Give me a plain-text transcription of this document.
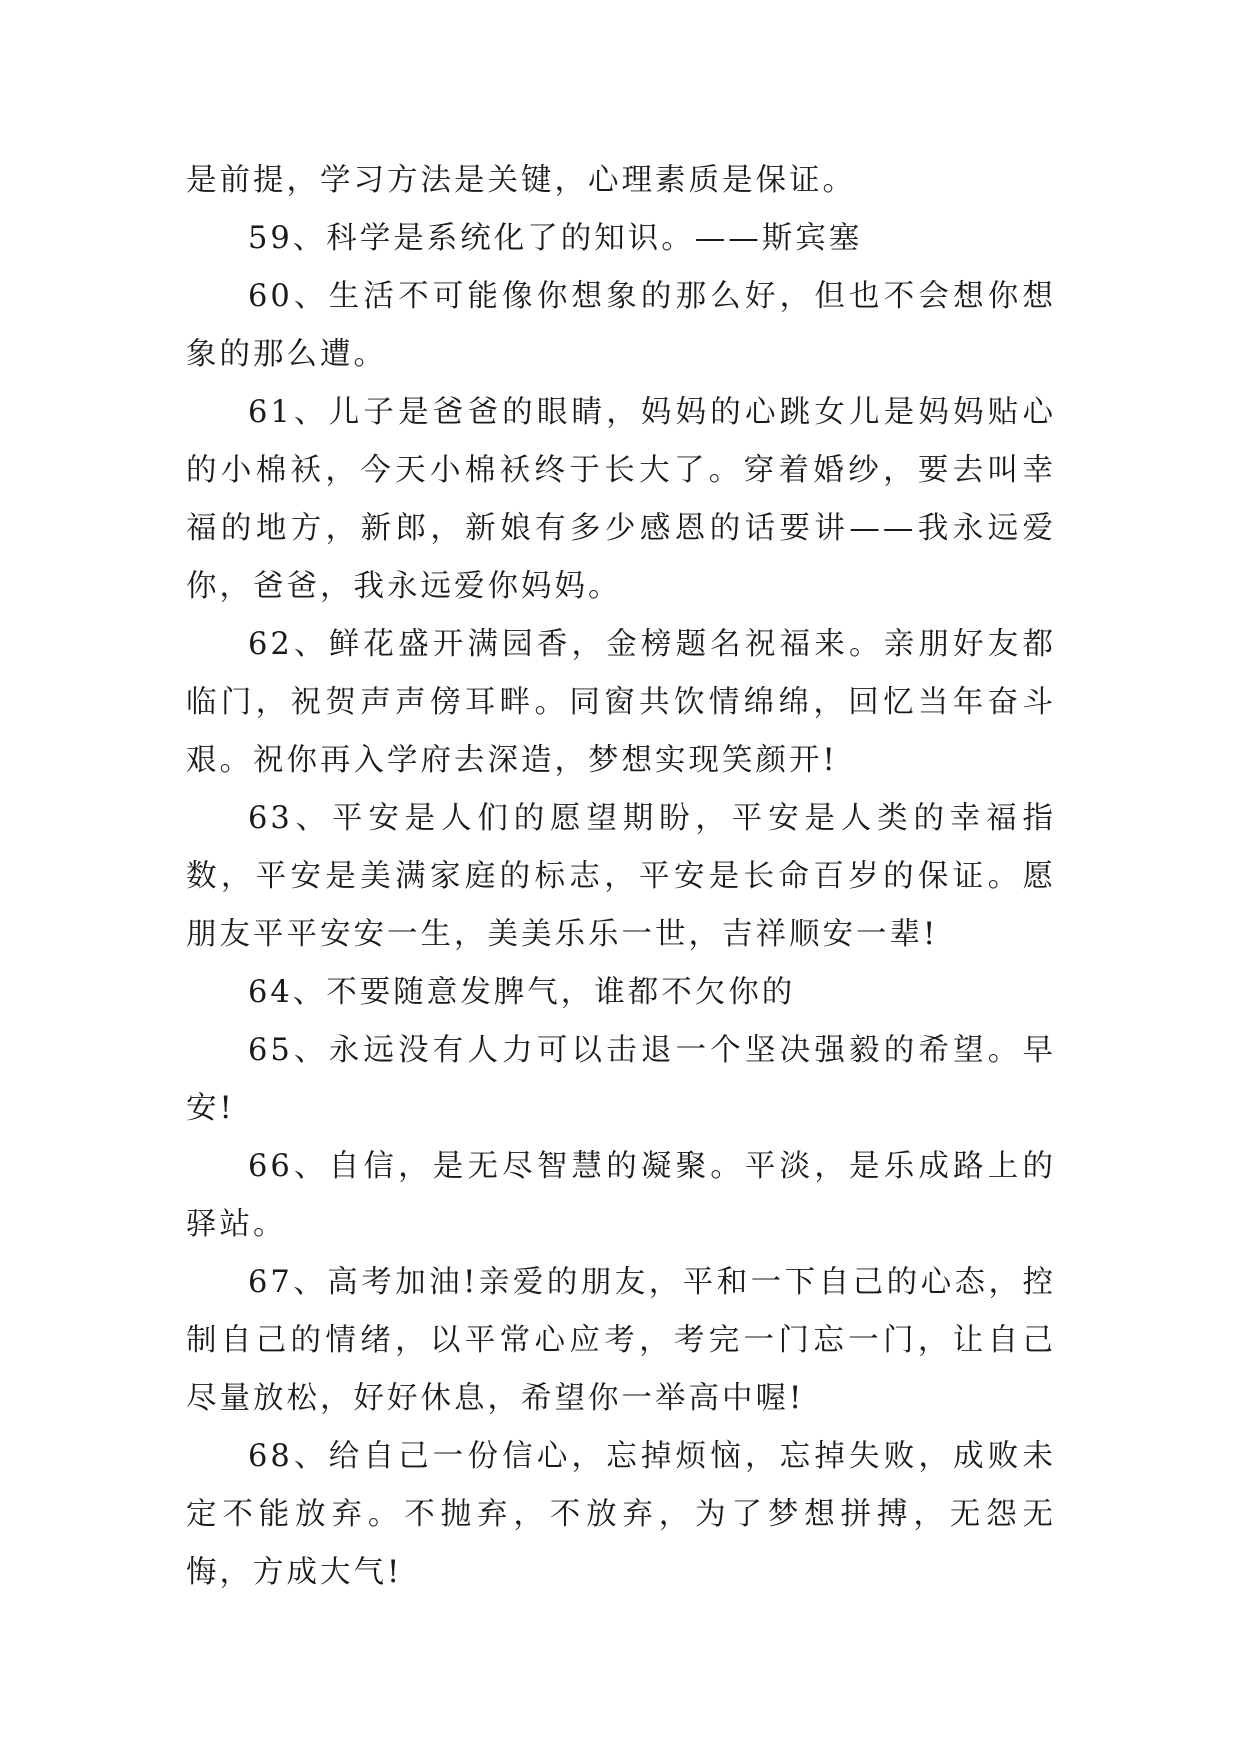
是前提，学习方法是关键，心理素质是保证。

59、科学是系统化了的知识。——斯宾塞

60、生活不可能像你想象的那么好，但也不会想你想象的那么遭。

61、儿子是爸爸的眼睛，妈妈的心跳女儿是妈妈贴心的小棉袄，今天小棉袄终于长大了。穿着婚纱，要去叫幸福的地方，新郎，新娘有多少感恩的话要讲——我永远爱你，爸爸，我永远爱你妈妈。

62、鲜花盛开满园香，金榜题名祝福来。亲朋好友都临门，祝贺声声傍耳畔。同窗共饮情绵绵，回忆当年奋斗艰。祝你再入学府去深造，梦想实现笑颜开!

63、平安是人们的愿望期盼，平安是人类的幸福指数，平安是美满家庭的标志，平安是长命百岁的保证。愿朋友平平安安一生，美美乐乐一世，吉祥顺安一辈!

64、不要随意发脾气，谁都不欠你的

65、永远没有人力可以击退一个坚决强毅的希望。早安!

66、自信，是无尽智慧的凝聚。平淡，是乐成路上的驿站。

67、高考加油!亲爱的朋友，平和一下自己的心态，控制自己的情绪，以平常心应考，考完一门忘一门，让自己尽量放松，好好休息，希望你一举高中喔!

68、给自己一份信心，忘掉烦恼，忘掉失败，成败未定不能放弃。不抛弃，不放弃，为了梦想拼搏，无怨无悔，方成大气!
